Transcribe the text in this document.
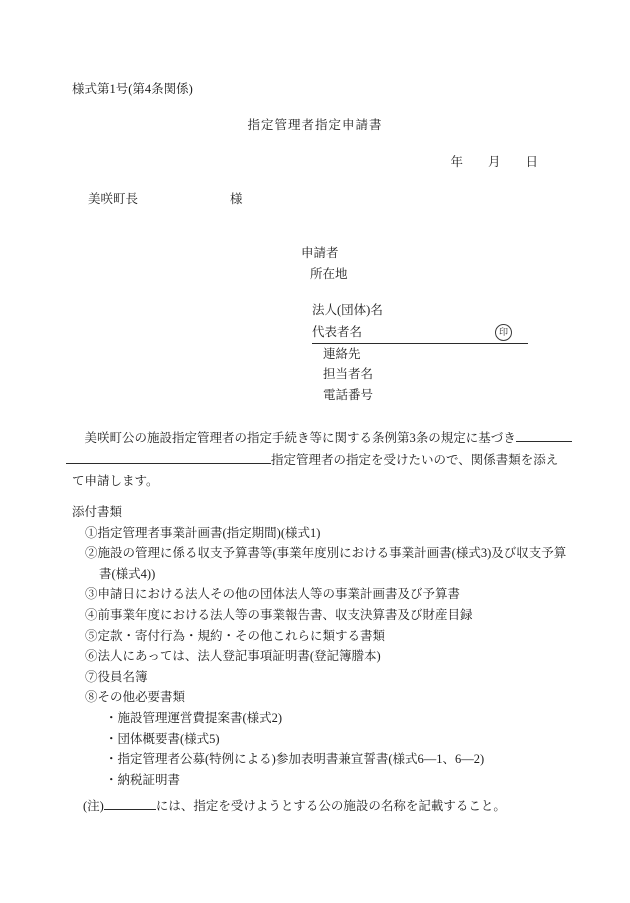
様式第1号(第4条関係)
指定管理者指定申請書
年　　月　　日
美咲町長	様
申請者
所在地
法人(団体)名
代表者名	印
連絡先
担当者名
電話番号
　美咲町公の施設指定管理者の指定手続き等に関する条例第3条の規定に基づき
指定管理者の指定を受けたいので、関係書類を添え
て申請します。
添付書類
①指定管理者事業計画書(指定期間)(様式1)
②施設の管理に係る収支予算書等(事業年度別における事業計画書(様式3)及び収支予算
書(様式4))
③申請日における法人その他の団体法人等の事業計画書及び予算書
④前事業年度における法人等の事業報告書、収支決算書及び財産目録
⑤定款・寄付行為・規約・その他これらに類する書類
⑥法人にあっては、法人登記事項証明書(登記簿謄本)
⑦役員名簿
⑧その他必要書類
・施設管理運営費提案書(様式2)
・団体概要書(様式5)
・指定管理者公募(特例による)参加表明書兼宣誓書(様式6―1、6―2)
・納税証明書
(注)	には、指定を受けようとする公の施設の名称を記載すること。
